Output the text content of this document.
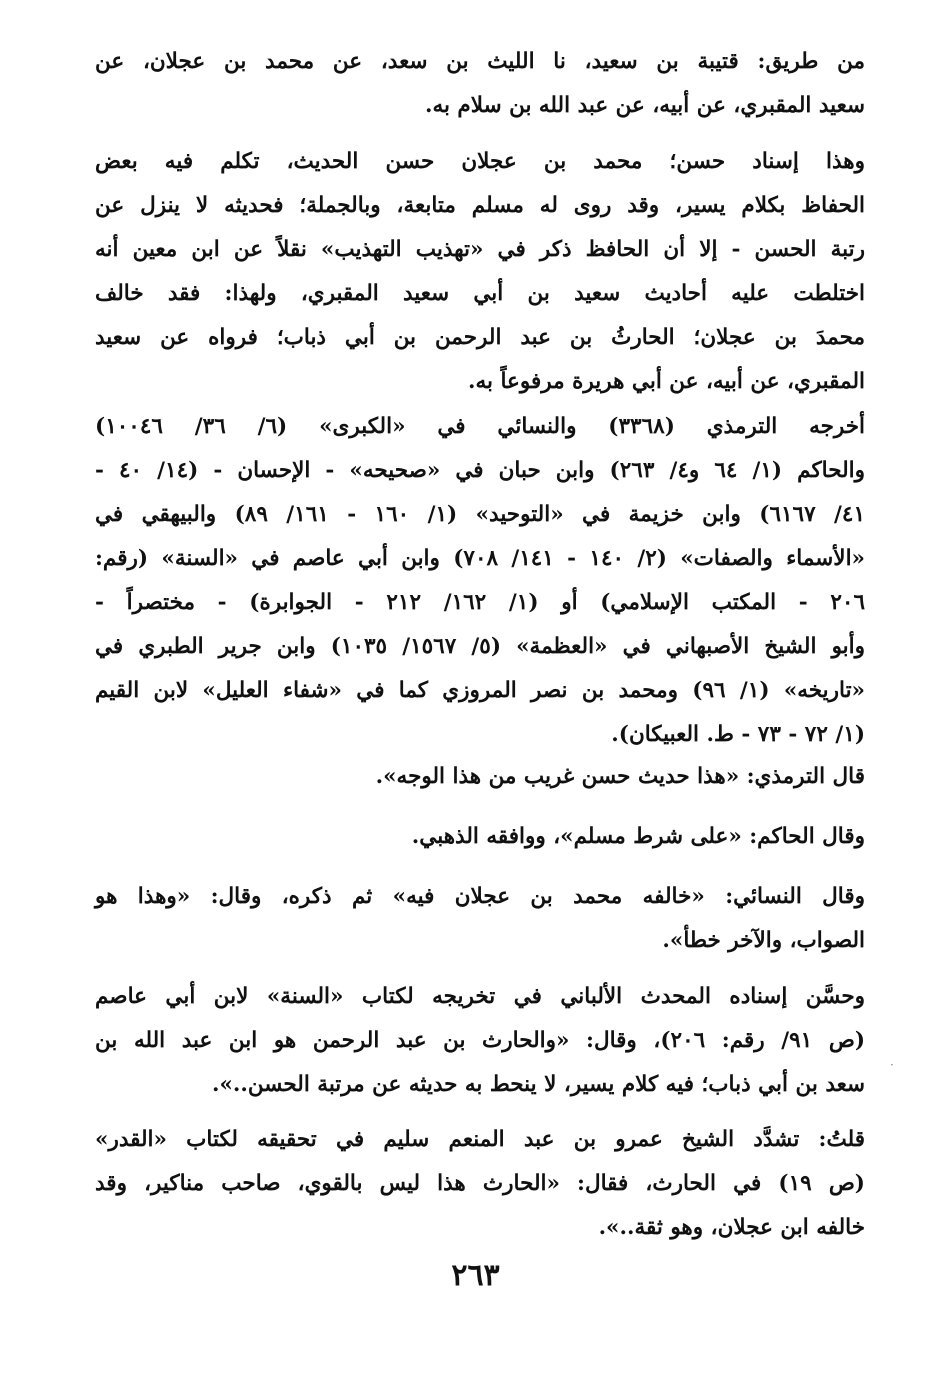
من طريق: قتيبة بن سعيد، نا الليث بن سعد، عن محمد بن عجلان، عن
سعيد المقبري، عن أبيه، عن عبد الله بن سلام به.
وهذا إسناد حسن؛ محمد بن عجلان حسن الحديث، تكلم فيه بعض
الحفاظ بكلام يسير، وقد روى له مسلم متابعة، وبالجملة؛ فحديثه لا ينزل عن
رتبة الحسن - إلا أن الحافظ ذكر في «تهذيب التهذيب» نقلاً عن ابن معين أنه
اختلطت عليه أحاديث سعيد بن أبي سعيد المقبري، ولهذا: فقد خالف
محمدَ بن عجلان؛ الحارثُ بن عبد الرحمن بن أبي ذباب؛ فرواه عن سعيد
المقبري، عن أبيه، عن أبي هريرة مرفوعاً به.
أخرجه الترمذي (٣٣٦٨) والنسائي في «الكبرى» (٦/ ٣٦/ ١٠٠٤٦)
والحاكم (١/ ٦٤ و٤/ ٢٦٣) وابن حبان في «صحيحه» - الإحسان - (١٤/ ٤٠ -
٤١/ ٦١٦٧) وابن خزيمة في «التوحيد» (١/ ١٦٠ - ١٦١/ ٨٩) والبيهقي في
«الأسماء والصفات» (٢/ ١٤٠ - ١٤١/ ٧٠٨) وابن أبي عاصم في «السنة» (رقم:
٢٠٦ - المكتب الإسلامي) أو (١/ ١٦٢/ ٢١٢ - الجوابرة) - مختصراً -
وأبو الشيخ الأصبهاني في «العظمة» (٥/ ١٥٦٧/ ١٠٣٥) وابن جرير الطبري في
«تاريخه» (١/ ٩٦) ومحمد بن نصر المروزي كما في «شفاء العليل» لابن القيم
(١/ ٧٢ - ٧٣ - ط. العبيكان).
قال الترمذي: «هذا حديث حسن غريب من هذا الوجه».
وقال الحاكم: «على شرط مسلم»، ووافقه الذهبي.
وقال النسائي: «خالفه محمد بن عجلان فيه» ثم ذكره، وقال: «وهذا هو
الصواب، والآخر خطأ».
وحسَّن إسناده المحدث الألباني في تخريجه لكتاب «السنة» لابن أبي عاصم
(ص ٩١/ رقم: ٢٠٦)، وقال: «والحارث بن عبد الرحمن هو ابن عبد الله بن
سعد بن أبي ذباب؛ فيه كلام يسير، لا ينحط به حديثه عن مرتبة الحسن..».
قلتُ: تشدَّد الشيخ عمرو بن عبد المنعم سليم في تحقيقه لكتاب «القدر»
(ص ١٩) في الحارث، فقال: «الحارث هذا ليس بالقوي، صاحب مناكير، وقد
خالفه ابن عجلان، وهو ثقة..».
٢٦٣
·
